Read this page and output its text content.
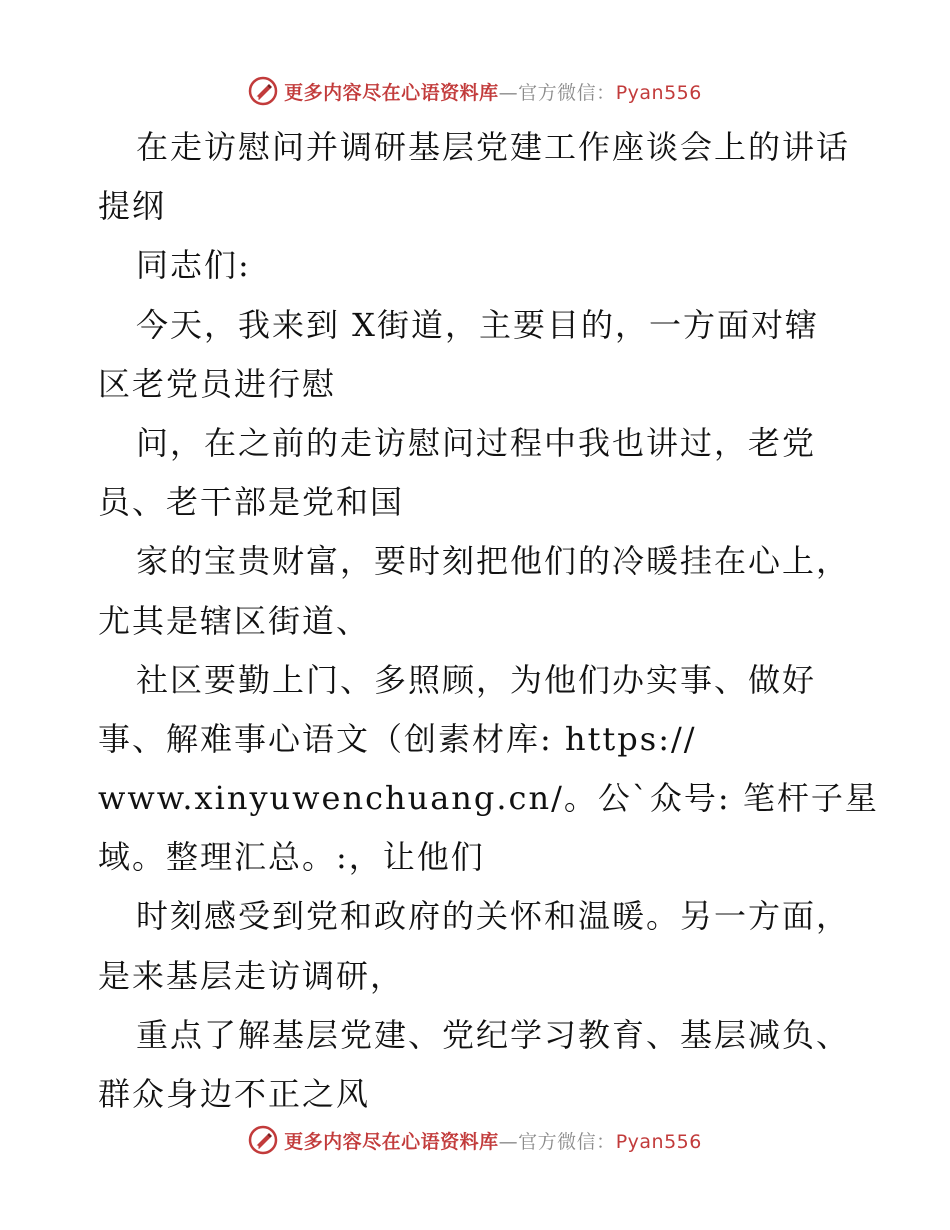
更多内容尽在心语资料库—官方微信：Pyan556
在走访慰问并调研基层党建工作座谈会上的讲话
提纲
同志们:
今天，我来到 X街道，主要目的，一方面对辖
区老党员进行慰
问，在之前的走访慰问过程中我也讲过，老党
员、老干部是党和国
家的宝贵财富，要时刻把他们的冷暖挂在心上，
尤其是辖区街道、
社区要勤上门、多照顾，为他们办实事、做好
事、解难事心语文（创素材库: https://
www.xinyuwenchuang.cn/。公`众号: 笔杆子星
域。整理汇总。:，让他们
时刻感受到党和政府的关怀和温暖。另一方面，
是来基层走访调研，
重点了解基层党建、党纪学习教育、基层减负、
群众身边不正之风
更多内容尽在心语资料库—官方微信：Pyan556
